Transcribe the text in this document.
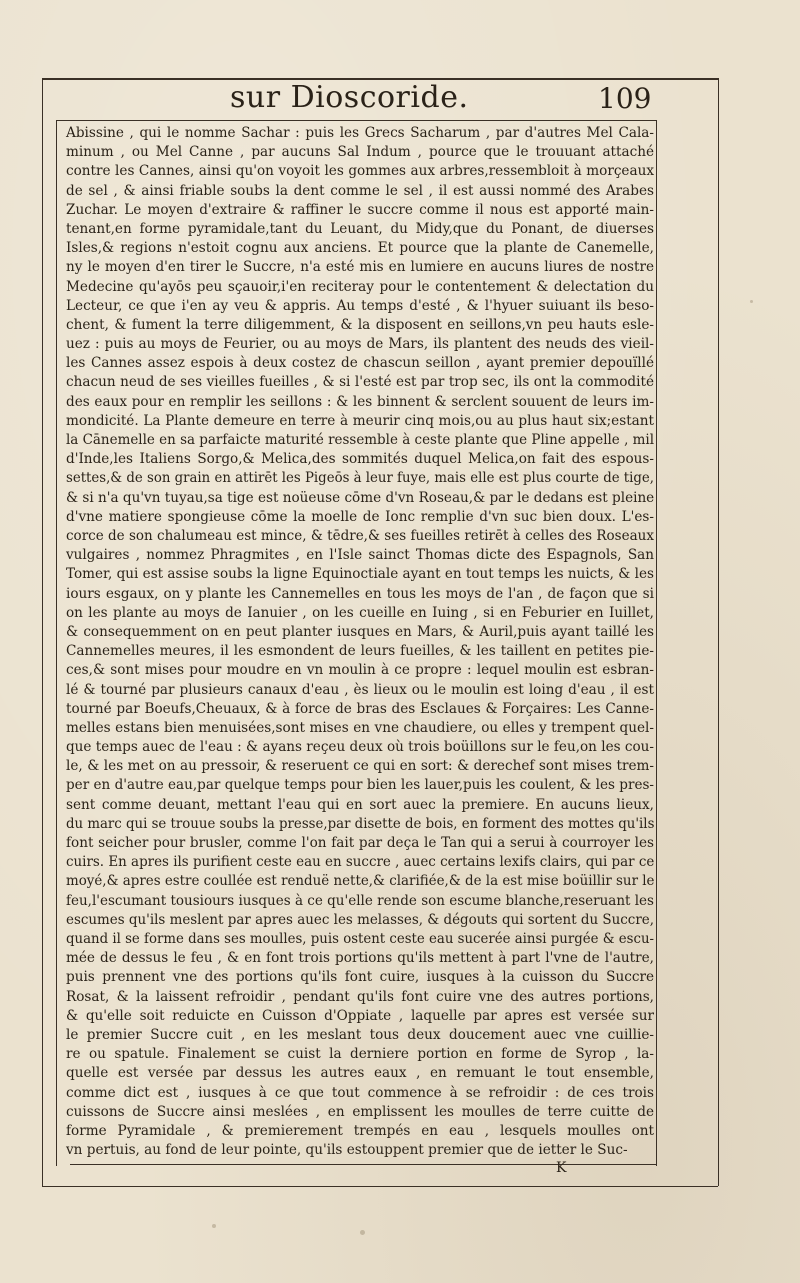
sur Dioscoride.	109
Abissine , qui le nomme Sachar : puis les Grecs Sacharum , par d'autres Mel Cala-
minum , ou Mel Canne , par aucuns Sal Indum , pource que le trouuant attaché
contre les Cannes, ainsi qu'on voyoit les gommes aux arbres,ressembloit à morçeaux
de sel , & ainsi friable soubs la dent comme le sel , il est aussi nommé des Arabes
Zuchar. Le moyen d'extraire & raffiner le succre comme il nous est apporté main-
tenant,en forme pyramidale,tant du Leuant, du Midy,que du Ponant, de diuerses
Isles,& regions n'estoit cognu aux anciens. Et pource que la plante de Canemelle,
ny le moyen d'en tirer le Succre, n'a esté mis en lumiere en aucuns liures de nostre
Medecine qu'ayōs peu sçauoir,i'en reciteray pour le contentement & delectation du
Lecteur, ce que i'en ay veu & appris. Au temps d'esté , & l'hyuer suiuant ils beso-
chent, & fument la terre diligemment, & la disposent en seillons,vn peu hauts esle-
uez : puis au moys de Feurier, ou au moys de Mars, ils plantent des neuds des vieil-
les Cannes assez espois à deux costez de chascun seillon , ayant premier depouïllé
chacun neud de ses vieilles fueilles , & si l'esté est par trop sec, ils ont la commodité
des eaux pour en remplir les seillons : & les binnent & serclent souuent de leurs im-
mondicité. La Plante demeure en terre à meurir cinq mois,ou au plus haut six;estant
la Cānemelle en sa parfaicte maturité ressemble à ceste plante que Pline appelle , mil
d'Inde,les Italiens Sorgo,& Melica,des sommités duquel Melica,on fait des espous-
settes,& de son grain en attirēt les Pigeōs à leur fuye, mais elle est plus courte de tige,& si n'a qu'vn tuyau,sa tige est noüeuse cōme d'vn Roseau,& par le dedans est pleine
d'vne matiere spongieuse cōme la moelle de Ionc remplie d'vn suc bien doux. L'es-
corce de son chalumeau est mince, & tēdre,& ses fueilles retirēt à celles des Roseaux
vulgaires , nommez Phragmites , en l'Isle sainct Thomas dicte des Espagnols, San
Tomer, qui est assise soubs la ligne Equinoctiale ayant en tout temps les nuicts, & les
iours esgaux, on y plante les Cannemelles en tous les moys de l'an , de façon que si
on les plante au moys de Ianuier , on les cueille en Iuing , si en Feburier en Iuillet,
& consequemment on en peut planter iusques en Mars, & Auril,puis ayant taillé les
Cannemelles meures, il les esmondent de leurs fueilles, & les taillent en petites pie-
ces,& sont mises pour moudre en vn moulin à ce propre : lequel moulin est esbran-
lé & tourné par plusieurs canaux d'eau , ès lieux ou le moulin est loing d'eau , il est
tourné par Boeufs,Cheuaux, & à force de bras des Esclaues & Forçaires: Les Canne-
melles estans bien menuisées,sont mises en vne chaudiere, ou elles y trempent quel-
que temps auec de l'eau : & ayans reçeu deux où trois boüillons sur le feu,on les cou-
le, & les met on au pressoir, & reseruent ce qui en sort: & derechef sont mises trem-
per en d'autre eau,par quelque temps pour bien les lauer,puis les coulent, & les pres-
sent comme deuant, mettant l'eau qui en sort auec la premiere. En aucuns lieux,
du marc qui se trouue soubs la presse,par disette de bois, en forment des mottes qu'ils
font seicher pour brusler, comme l'on fait par deça le Tan qui a serui à courroyer les
cuirs. En apres ils purifient ceste eau en succre , auec certains lexifs clairs, qui par cemoyé,& apres estre coullée est renduë nette,& clarifiée,& de la est mise boüillir sur lefeu,l'escumant tousiours iusques à ce qu'elle rende son escume blanche,reseruant lesescumes qu'ils meslent par apres auec les melasses, & dégouts qui sortent du Succre,quand il se forme dans ses moulles, puis ostent ceste eau sucerée ainsi purgée & escu-
mée de dessus le feu , & en font trois portions qu'ils mettent à part l'vne de l'autre,
puis prennent vne des portions qu'ils font cuire, iusques à la cuisson du Succre
Rosat, & la laissent refroidir , pendant qu'ils font cuire vne des autres portions,
& qu'elle soit reduicte en Cuisson d'Oppiate , laquelle par apres est versée sur
le premier Succre cuit , en les meslant tous deux doucement auec vne cuillie-
re ou spatule. Finalement se cuist la derniere portion en forme de Syrop , la-
quelle est versée par dessus les autres eaux , en remuant le tout ensemble,
comme dict est , iusques à ce que tout commence à se refroidir : de ces trois
cuissons de Succre ainsi meslées , en emplissent les moulles de terre cuitte de
forme Pyramidale , & premierement trempés en eau , lesquels moulles ont
vn pertuis, au fond de leur pointe, qu'ils estouppent premier que de ietter le Suc-
K
